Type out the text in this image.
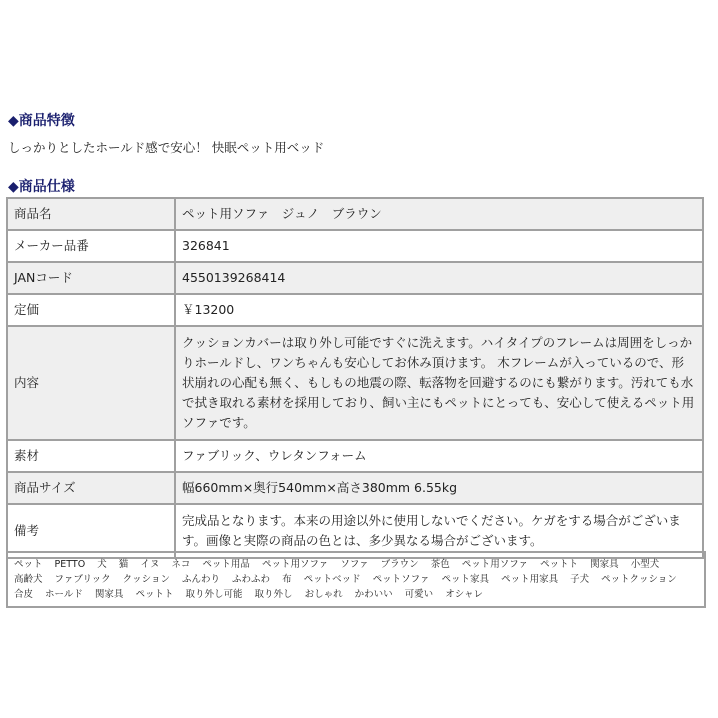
◆商品特徴
しっかりとしたホールド感で安心！ 快眠ペット用ベッド
◆商品仕様
商品名	ペット用ソファ　ジュノ　ブラウン
メーカー品番	326841
JANコード	4550139268414
定価	￥13200
内容	クッションカバーは取り外し可能ですぐに洗えます。ハイタイプのフレームは周囲をしっかりホールドし、ワンちゃんも安心してお休み頂けます。 木フレームが入っているので、形状崩れの心配も無く、もしもの地震の際、転落物を回避するのにも繋がります。汚れても水で拭き取れる素材を採用しており、飼い主にもペットにとっても、安心して使えるペット用ソファです。
素材	ファブリック、ウレタンフォーム
商品サイズ	幅660mm×奥行540mm×高さ380mm 6.55kg
備考	完成品となります。本来の用途以外に使用しないでください。ケガをする場合がございます。画像と実際の商品の色とは、多少異なる場合がございます。
ペット PETTO 犬 猫 イヌ ネコ ペット用品 ペット用ソファ ソファ ブラウン 茶色 ペット用ソファ ペットト 関家具 小型犬 高齢犬 ファブリック クッション ふんわり ふわふわ 布 ペットベッド ペットソファ ペット家具 ペット用家具 子犬 ペットクッション 合皮 ホールド 関家具 ペットト 取り外し可能 取り外し おしゃれ かわいい 可愛い オシャレ
